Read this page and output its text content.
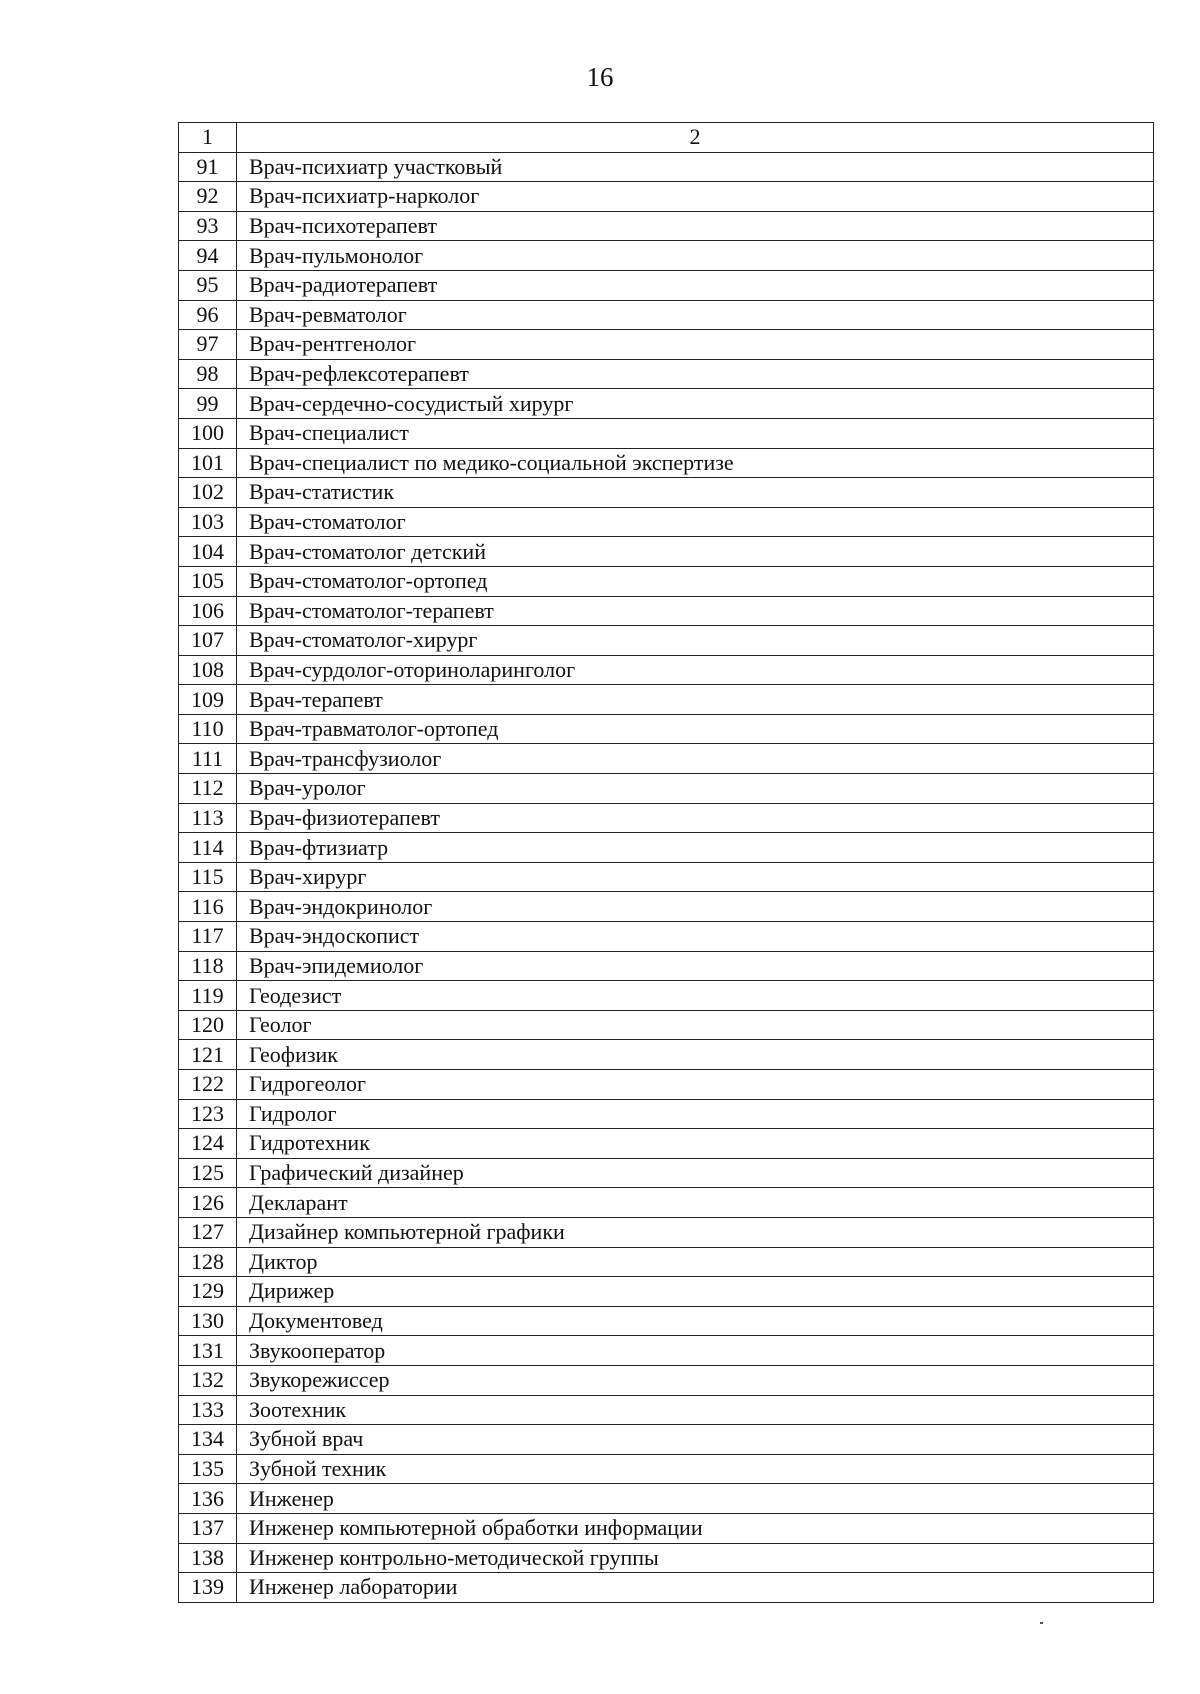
16
1	2
91	Врач-психиатр участковый
92	Врач-психиатр-нарколог
93	Врач-психотерапевт
94	Врач-пульмонолог
95	Врач-радиотерапевт
96	Врач-ревматолог
97	Врач-рентгенолог
98	Врач-рефлексотерапевт
99	Врач-сердечно-сосудистый хирург
100	Врач-специалист
101	Врач-специалист по медико-социальной экспертизе
102	Врач-статистик
103	Врач-стоматолог
104	Врач-стоматолог детский
105	Врач-стоматолог-ортопед
106	Врач-стоматолог-терапевт
107	Врач-стоматолог-хирург
108	Врач-сурдолог-оториноларинголог
109	Врач-терапевт
110	Врач-травматолог-ортопед
111	Врач-трансфузиолог
112	Врач-уролог
113	Врач-физиотерапевт
114	Врач-фтизиатр
115	Врач-хирург
116	Врач-эндокринолог
117	Врач-эндоскопист
118	Врач-эпидемиолог
119	Геодезист
120	Геолог
121	Геофизик
122	Гидрогеолог
123	Гидролог
124	Гидротехник
125	Графический дизайнер
126	Декларант
127	Дизайнер компьютерной графики
128	Диктор
129	Дирижер
130	Документовед
131	Звукооператор
132	Звукорежиссер
133	Зоотехник
134	Зубной врач
135	Зубной техник
136	Инженер
137	Инженер компьютерной обработки информации
138	Инженер контрольно-методической группы
139	Инженер лаборатории
